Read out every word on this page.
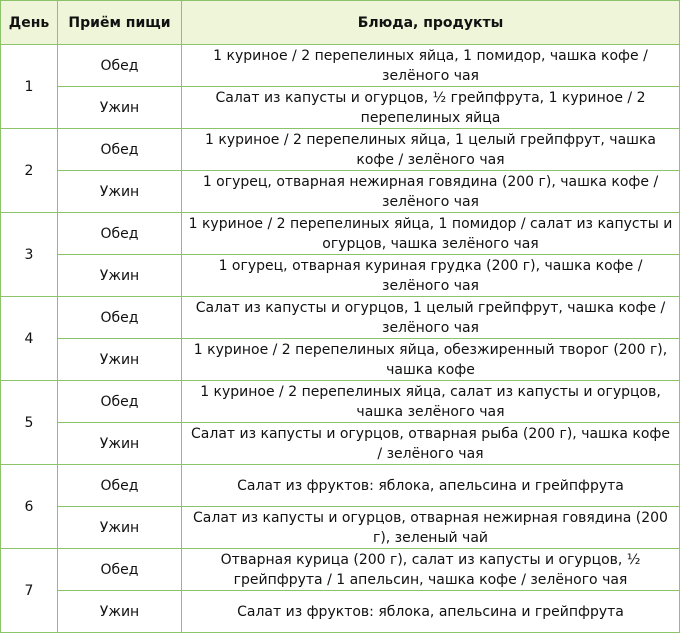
День	Приём пищи	Блюда, продукты
1	Обед	1 куриное / 2 перепелиных яйца, 1 помидор, чашка кофе / зелёного чая
	Ужин	Салат из капусты и огурцов, ½ грейпфрута, 1 куриное / 2 перепелиных яйца
2	Обед	1 куриное / 2 перепелиных яйца, 1 целый грейпфрут, чашка кофе / зелёного чая
	Ужин	1 огурец, отварная нежирная говядина (200 г), чашка кофе / зелёного чая
3	Обед	1 куриное / 2 перепелиных яйца, 1 помидор / салат из капусты и огурцов, чашка зелёного чая
	Ужин	1 огурец, отварная куриная грудка (200 г), чашка кофе / зелёного чая
4	Обед	Салат из капусты и огурцов, 1 целый грейпфрут, чашка кофе / зелёного чая
	Ужин	1 куриное / 2 перепелиных яйца, обезжиренный творог (200 г), чашка кофе
5	Обед	1 куриное / 2 перепелиных яйца, салат из капусты и огурцов, чашка зелёного чая
	Ужин	Салат из капусты и огурцов, отварная рыба (200 г), чашка кофе / зелёного чая
6	Обед	Салат из фруктов: яблока, апельсина и грейпфрута
	Ужин	Салат из капусты и огурцов, отварная нежирная говядина (200 г), зеленый чай
7	Обед	Отварная курица (200 г), салат из капусты и огурцов, ½ грейпфрута / 1 апельсин, чашка кофе / зелёного чая
	Ужин	Салат из фруктов: яблока, апельсина и грейпфрута
